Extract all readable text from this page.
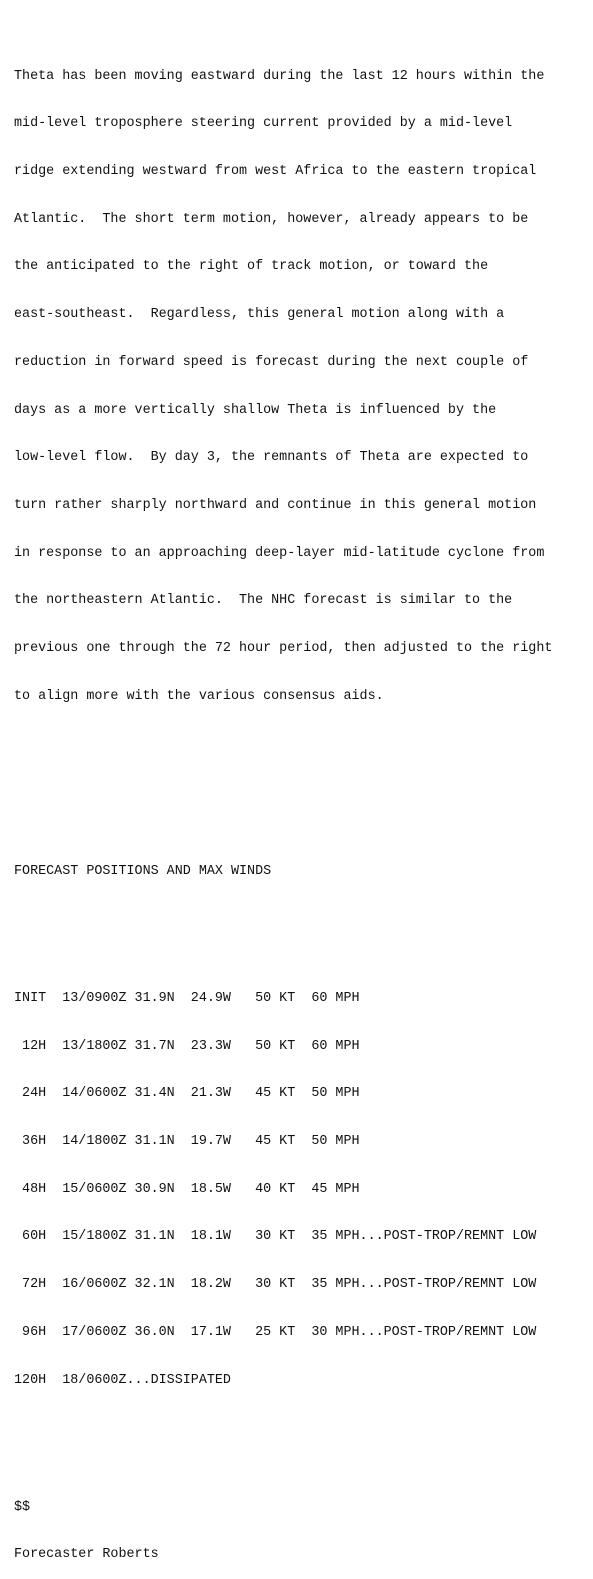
Theta has been moving eastward during the last 12 hours within the

mid-level troposphere steering current provided by a mid-level

ridge extending westward from west Africa to the eastern tropical

Atlantic.  The short term motion, however, already appears to be

the anticipated to the right of track motion, or toward the

east-southeast.  Regardless, this general motion along with a

reduction in forward speed is forecast during the next couple of

days as a more vertically shallow Theta is influenced by the

low-level flow.  By day 3, the remnants of Theta are expected to

turn rather sharply northward and continue in this general motion

in response to an approaching deep-layer mid-latitude cyclone from

the northeastern Atlantic.  The NHC forecast is similar to the

previous one through the 72 hour period, then adjusted to the right

to align more with the various consensus aids.

FORECAST POSITIONS AND MAX WINDS

INIT  13/0900Z 31.9N  24.9W   50 KT  60 MPH

12H  13/1800Z 31.7N  23.3W   50 KT  60 MPH

24H  14/0600Z 31.4N  21.3W   45 KT  50 MPH

36H  14/1800Z 31.1N  19.7W   45 KT  50 MPH

48H  15/0600Z 30.9N  18.5W   40 KT  45 MPH

60H  15/1800Z 31.1N  18.1W   30 KT  35 MPH...POST-TROP/REMNT LOW

72H  16/0600Z 32.1N  18.2W   30 KT  35 MPH...POST-TROP/REMNT LOW

96H  17/0600Z 36.0N  17.1W   25 KT  30 MPH...POST-TROP/REMNT LOW

120H  18/0600Z...DISSIPATED

$$

Forecaster Roberts
